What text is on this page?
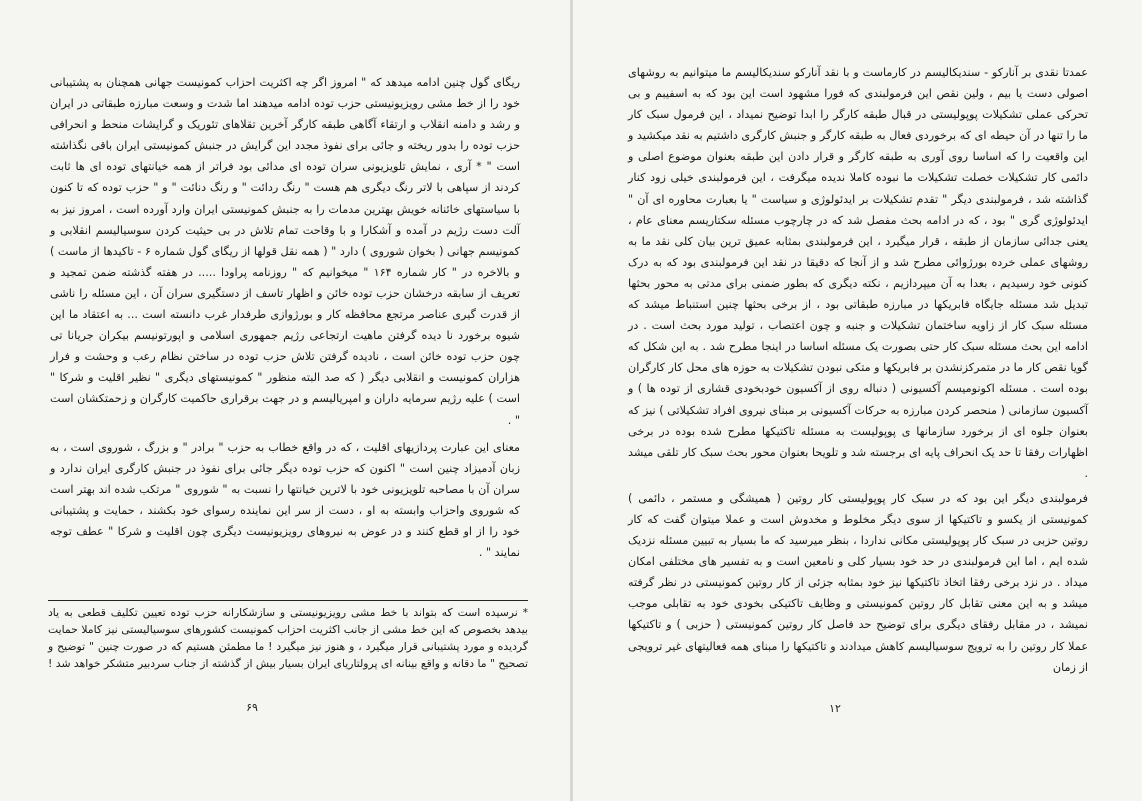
ریگای گول چنین ادامه میدهد که " امروز اگر چه اکثریت احزاب کمونیست جهانی همچنان به پشتیبانی خود را از خط مشی رویزیونیستی حزب توده ادامه میدهند اما شدت و وسعت مبارزه طبقاتی در ایران و رشد و دامنه انقلاب و ارتقاء آگاهی طبقه کارگر آخرین تقلاهای تئوریک و گرایشات منحط و انحرافی حزب توده را بدور ریخته و جائی برای نفوذ مجدد این گرایش در جنبش کمونیستی ایران باقی نگذاشته است " * آری ، نمایش تلویزیونی سران توده ای مدائی بود فراتر از همه خیانتهای توده ای ها ثابت کردند از سپاهی با لاتر رنگ دیگری هم هست " رنگ ردائت " و رنگ دنائت " و " حزب توده که تا کنون با سیاستهای خائنانه خویش بهترین مدمات را به جنبش کمونیستی ایران وارد آورده است ، امروز نیز به آلت دست رژیم در آمده و آشکارا و با وقاحت تمام تلاش در بی حیثیت کردن سوسیالیسم انقلابی و کمونیسم جهانی ( بخوان شوروی ) دارد " ( همه نقل قولها از ریگای گول شماره ۶ - تاکیدها از ماست ) و بالاخره در " کار شماره ۱۶۴ " میخوانیم که " روزنامه پراودا ..... در هفته گذشته ضمن تمجید و تعریف از سابقه درخشان حزب توده خائن و اظهار تاسف از دستگیری سران آن ، این مسئله را ناشی از قدرت گیری عناصر مرتجع محافظه کار و بورژوازی طرفدار غرب دانسته است ... به اعتقاد ما این شیوه برخورد نا دیده گرفتن ماهیت ارتجاعی رژیم جمهوری اسلامی و اپورتونیسم بیکران جریانا تی چون حزب توده خائن است ، نادیده گرفتن تلاش حزب توده در ساختن نظام رعب و وحشت و فرار هزاران کمونیست و انقلابی دیگر ( که صد البته منظور " کمونیستهای دیگری " نظیر اقلیت و شرکا " است ) علیه رژیم سرمایه داران و امپریالیسم و در جهت برقراری حاکمیت کارگران و زحمتکشان است " .

معنای این عبارت پردازیهای اقلیت ، که در واقع خطاب به حزب " برادر " و بزرگ ، شوروی است ، به زبان آدمیزاد چنین است " اکنون که حزب توده دیگر جائی برای نفوذ در جنبش کارگری ایران ندارد و سران آن با مصاحبه تلویزیونی خود با لاترین خیانتها را نسبت به " شوروی " مرتکب شده اند بهتر است که شوروی واحزاب وابسته به او ، دست از سر این نماینده رسوای خود بکشند ، حمایت و پشتیبانی خود را از او قطع کنند و در عوض به نیروهای رویزیونیست دیگری چون اقلیت و شرکا " عطف توجه نمایند " .

* نرسیده است که بتواند با خط مشی رویزیونیستی و سازشکارانه حزب توده تعیین تکلیف قطعی به یاد بیدهد بخصوص که این خط مشی از جانب اکثریت احزاب کمونیست کشورهای سوسیالیستی نیز کاملا حمایت گردیده و مورد پشتیبانی قرار میگیرد ، و هنوز نیز میگیرد ! ما مطمئن هستیم که در صورت چنین " توضیح و تصحیح " ما دقانه و واقع بینانه ای پرولتاریای ایران بسیار بیش از گذشته از جناب سردبیر متشکر خواهد شد !

۶۹

عمدتا نقدی بر آنارکو - سندیکالیسم در کارماست و با نقد آنارکو سندیکالیسم ما میتوانیم به روشهای اصولی دست یا بیم ، ولین نقص این فرمولبندی که فورا مشهود است این بود که به اسفیبم و بی تحرکی عملی تشکیلات پوپولیستی در قبال طبقه کارگر را ابدا توضیح نمیداد ، این فرمول سبک کار ما را تنها در آن حیطه ای که برخوردی فعال به طبقه کارگر و جنبش کارگری داشتیم به نقد میکشید و این واقعیت را که اساسا روی آوری به طبقه کارگر و قرار دادن این طبقه بعنوان موضوع اصلی و دائمی کار تشکیلات خصلت تشکیلات ما نبوده کاملا ندیده میگرفت ، این فرمولبندی خیلی زود کنار گذاشته شد ، فرمولبندی دیگر " تقدم تشکیلات بر ایدئولوژی و سیاست " یا بعبارت محاوره ای آن " ایدئولوژی گری " بود ، که در ادامه بحث مفصل شد که در چارچوب مسئله سکتاریسم معنای عام ، یعنی جدائی سازمان از طبقه ، قرار میگیرد ، این فرمولبندی بمثابه عمیق ترین بیان کلی نقد ما به روشهای عملی خرده بورژوائی مطرح شد و از آنجا که دقیقا در نقد این فرمولبندی بود که به درک کنونی خود رسیدیم ، بعدا به آن میپردازیم ، نکته دیگری که بطور ضمنی برای مدتی به محور بحثها تبدیل شد مسئله جایگاه فابریکها در مبارزه طبقاتی بود ، از برخی بحثها چنین استنباط میشد که مسئله سبک کار از زاویه ساختمان تشکیلات و جنبه و چون اعتصاب ، تولید مورد بحث است . در ادامه این بحث مسئله سبک کار حتی بصورت یک مسئله اساسا در اینجا مطرح شد . به این شکل که گویا نقص کار ما در متمرکزنشدن بر فابریکها و متکی نبودن تشکیلات به حوزه های محل کار کارگران بوده است . مسئله اکونومیسم آکسیونی ( دنباله روی از آکسیون خودبخودی قشاری از توده ها ) و آکسیون سازمانی ( منحصر کردن مبارزه به حرکات آکسیونی بر مبنای نیروی افراد تشکیلاتی ) نیز که بعنوان جلوه ای از برخورد سازمانها ی پوپولیست به مسئله تاکتیکها مطرح شده بوده در برخی اظهارات رفقا تا حد یک انحراف پایه ای برجسته شد و تلویحا بعنوان محور بحث سبک کار تلقی میشد .

فرمولبندی دیگر این بود که در سبک کار پوپولیستی کار روتین ( همیشگی و مستمر ، دائمی ) کمونیستی از یکسو و تاکتیکها از سوی دیگر مخلوط و مخدوش است و عملا میتوان گفت که کار روتین حزبی در سبک کار پوپولیستی مکانی نداردا ، بنظر میرسید که ما بسیار به تبیین مسئله نزدیک شده ایم ، اما این فرمولبندی در حد خود بسیار کلی و نامعین است و به تفسیر های مختلفی امکان میداد . در نزد برخی رفقا اتخاذ تاکتیکها نیز خود بمثابه جزئی از کار روتین کمونیستی در نظر گرفته میشد و به این معنی تقابل کار روتین کمونیستی و وظایف تاکتیکی بخودی خود به تقابلی موجب نمیشد ، در مقابل رفقای دیگری برای توضیح حد فاصل کار روتین کمونیستی ( حزبی ) و تاکتیکها عملا کار روتین را به ترویج سوسیالیسم کاهش میدادند و تاکتیکها را مبنای همه فعالیتهای غیر ترویجی از زمان

۱۲
